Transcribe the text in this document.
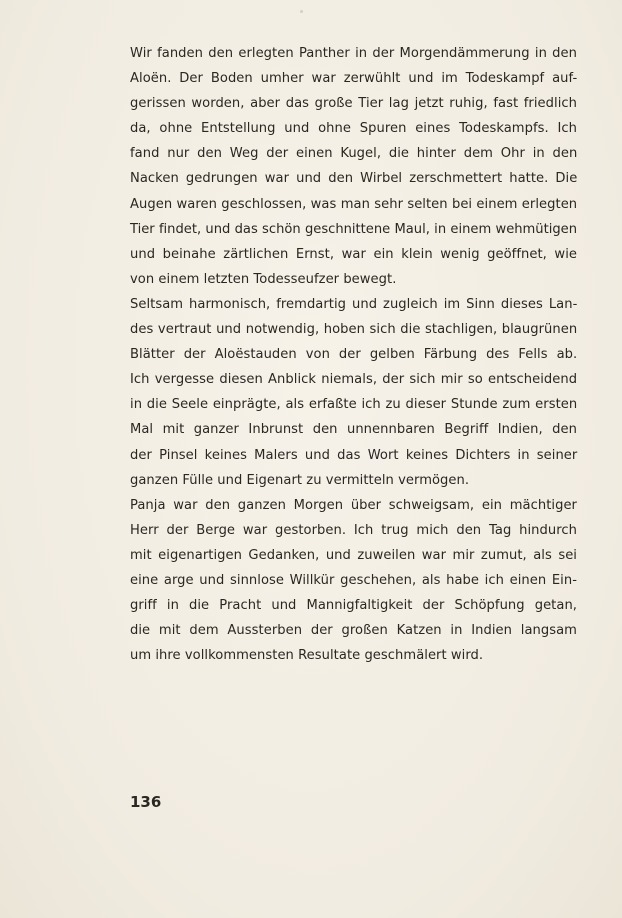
Wir fanden den erlegten Panther in der Morgendämmerung in den
Aloën. Der Boden umher war zerwühlt und im Todeskampf auf-
gerissen worden, aber das große Tier lag jetzt ruhig, fast friedlich
da, ohne Entstellung und ohne Spuren eines Todeskampfs. Ich
fand nur den Weg der einen Kugel, die hinter dem Ohr in den
Nacken gedrungen war und den Wirbel zerschmettert hatte. Die
Augen waren geschlossen, was man sehr selten bei einem erlegten
Tier findet, und das schön geschnittene Maul, in einem wehmütigen
und beinahe zärtlichen Ernst, war ein klein wenig geöffnet, wie
von einem letzten Todesseufzer bewegt.

Seltsam harmonisch, fremdartig und zugleich im Sinn dieses Lan-
des vertraut und notwendig, hoben sich die stachligen, blaugrünen
Blätter der Aloëstauden von der gelben Färbung des Fells ab.
Ich vergesse diesen Anblick niemals, der sich mir so entscheidend
in die Seele einprägte, als erfaßte ich zu dieser Stunde zum ersten
Mal mit ganzer Inbrunst den unnennbaren Begriff Indien, den
der Pinsel keines Malers und das Wort keines Dichters in seiner
ganzen Fülle und Eigenart zu vermitteln vermögen.

Panja war den ganzen Morgen über schweigsam, ein mächtiger
Herr der Berge war gestorben. Ich trug mich den Tag hindurch
mit eigenartigen Gedanken, und zuweilen war mir zumut, als sei
eine arge und sinnlose Willkür geschehen, als habe ich einen Ein-
griff in die Pracht und Mannigfaltigkeit der Schöpfung getan,
die mit dem Aussterben der großen Katzen in Indien langsam
um ihre vollkommensten Resultate geschmälert wird.

136
